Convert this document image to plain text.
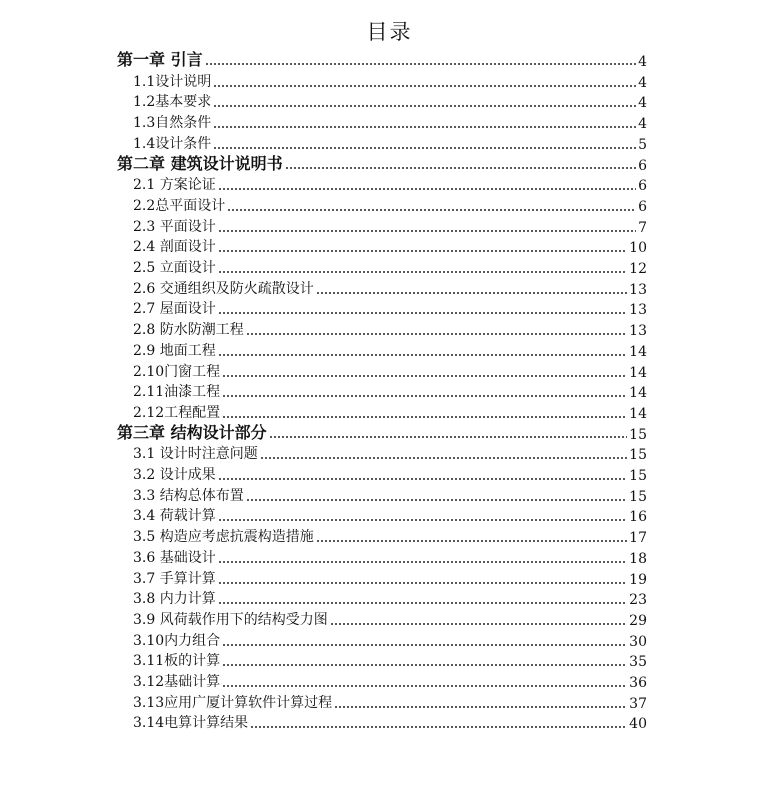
目录
第一章 引言	4
1.1设计说明	4
1.2基本要求	4
1.3自然条件	4
1.4设计条件	5
第二章 建筑设计说明书	6
2.1 方案论证	6
2.2总平面设计	6
2.3 平面设计	7
2.4 剖面设计	10
2.5 立面设计	12
2.6 交通组织及防火疏散设计	13
2.7 屋面设计	13
2.8 防水防潮工程	13
2.9 地面工程	14
2.10门窗工程	14
2.11油漆工程	14
2.12工程配置	14
第三章 结构设计部分	15
3.1 设计时注意问题	15
3.2 设计成果	15
3.3 结构总体布置	15
3.4 荷载计算	16
3.5 构造应考虑抗震构造措施	17
3.6 基础设计	18
3.7 手算计算	19
3.8 内力计算	23
3.9 风荷载作用下的结构受力图	29
3.10内力组合	30
3.11板的计算	35
3.12基础计算	36
3.13应用广厦计算软件计算过程	37
3.14电算计算结果	40
